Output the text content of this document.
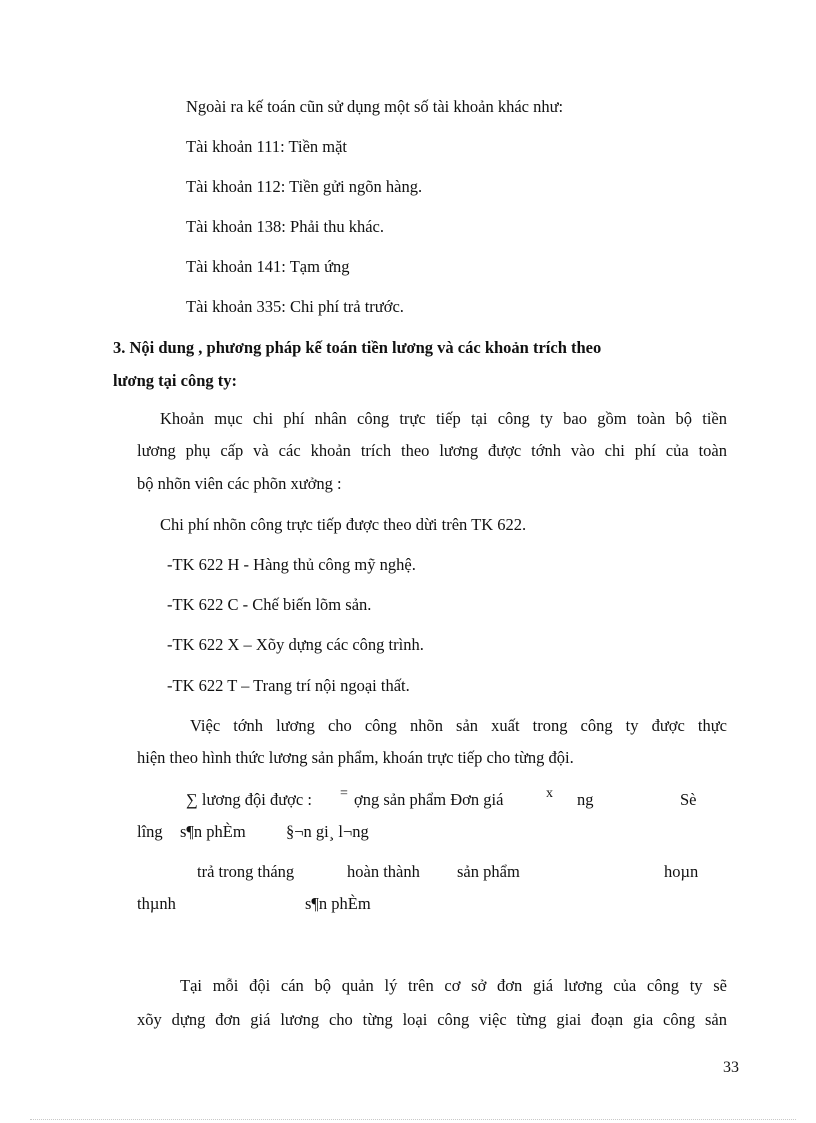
Ngoài ra kế toán cũn sử dụng một số tài khoản khác như:
Tài khoản 111: Tiền mặt
Tài khoản 112: Tiền gửi ngõn hàng.
Tài khoản 138: Phải thu khác.
Tài khoản 141: Tạm ứng
Tài khoản 335: Chi phí trả trước.
3. Nội dung , phương pháp kế toán tiền lương và các khoản trích theo
lương tại công ty:
Khoản mục chi phí nhân công trực tiếp tại công ty bao gồm toàn bộ tiền
lương phụ cấp và các khoản trích theo lương được tớnh vào chi phí của toàn
bộ nhõn viên các phõn xưởng :
Chi phí nhõn công trực tiếp được theo dừi trên TK 622.
-TK 622 H - Hàng thủ công mỹ nghệ.
-TK 622 C - Chế biến lõm sản.
-TK 622 X – Xõy dựng các công trình.
-TK 622 T – Trang trí nội ngoại thất.
Việc tớnh lương cho công nhõn sản xuất trong công ty được thực
hiện theo hình thức lương sản phẩm, khoán trực tiếp cho từng đội.
∑ lương đội được : = ợng sản phẩm Đơn giá	x ng	Sè
lîng s¶n phÈm §¬n gi¸ l¬ng
trả trong tháng	hoàn thành sản phẩm	hoµn
thµnh	s¶n phÈm
Tại mỗi đội cán bộ quản lý trên cơ sở đơn giá lương của công ty sẽ
xõy dựng đơn giá lương cho từng loại công việc từng giai đoạn gia công sản
33
